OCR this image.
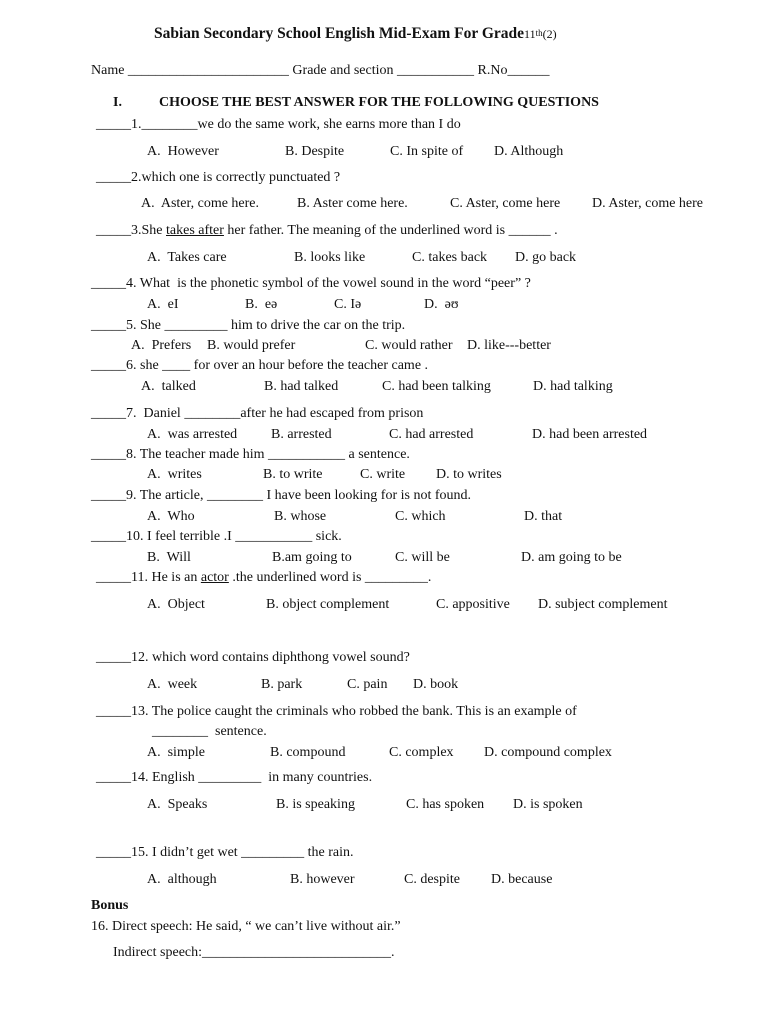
Sabian Secondary School English Mid-Exam For Grade11th(2)
Name _______________________ Grade and section ___________ R.No______
I.	CHOOSE THE BEST ANSWER FOR THE FOLLOWING QUESTIONS
_____1.________we do the same work, she earns more than I do
A.  However	B. Despite	C. In spite of D. Although
_____2.which one is correctly punctuated ?
A.  Aster, come here.	B. Aster come here.	C. Aster, come here D. Aster, come here
_____3.She takes after her father. The meaning of the underlined word is ______ .
A.  Takes care	B. looks like	C. takes back D. go back
_____4. What  is the phonetic symbol of the vowel sound in the word “peer” ?
A.  eI	B.  eə	C. Iə	D.  əʊ
_____5. She _________ him to drive the car on the trip.
A.  Prefers B. would prefer	C. would rather D. like---better
_____6. she ____ for over an hour before the teacher came .
A.  talked	B. had talked	C. had been talking	D. had talking
_____7.  Daniel ________after he had escaped from prison
A.  was arrested B. arrested	C. had arrested	D. had been arrested
_____8. The teacher made him ___________ a sentence.
A.  writes	B. to write	C. write D. to writes
_____9. The article, ________ I have been looking for is not found.
A.  Who	B. whose	C. which	D. that
_____10. I feel terrible .I ___________ sick.
B.  Will	B.am going to	C. will be	D. am going to be
_____11. He is an actor .the underlined word is _________.
A.  Object	B. object complement	C. appositive D. subject complement
_____12. which word contains diphthong vowel sound?
A.  week	B. park	C. pain D. book
_____13. The police caught the criminals who robbed the bank. This is an example of
________  sentence.
A.  simple	B. compound	C. complex D. compound complex
_____14. English _________  in many countries.
A.  Speaks	B. is speaking	C. has spoken D. is spoken
_____15. I didn’t get wet _________ the rain.
A.  although	B. however	C. despite D. because
Bonus
16. Direct speech: He said, “ we can’t live without air.”
Indirect speech:___________________________.
